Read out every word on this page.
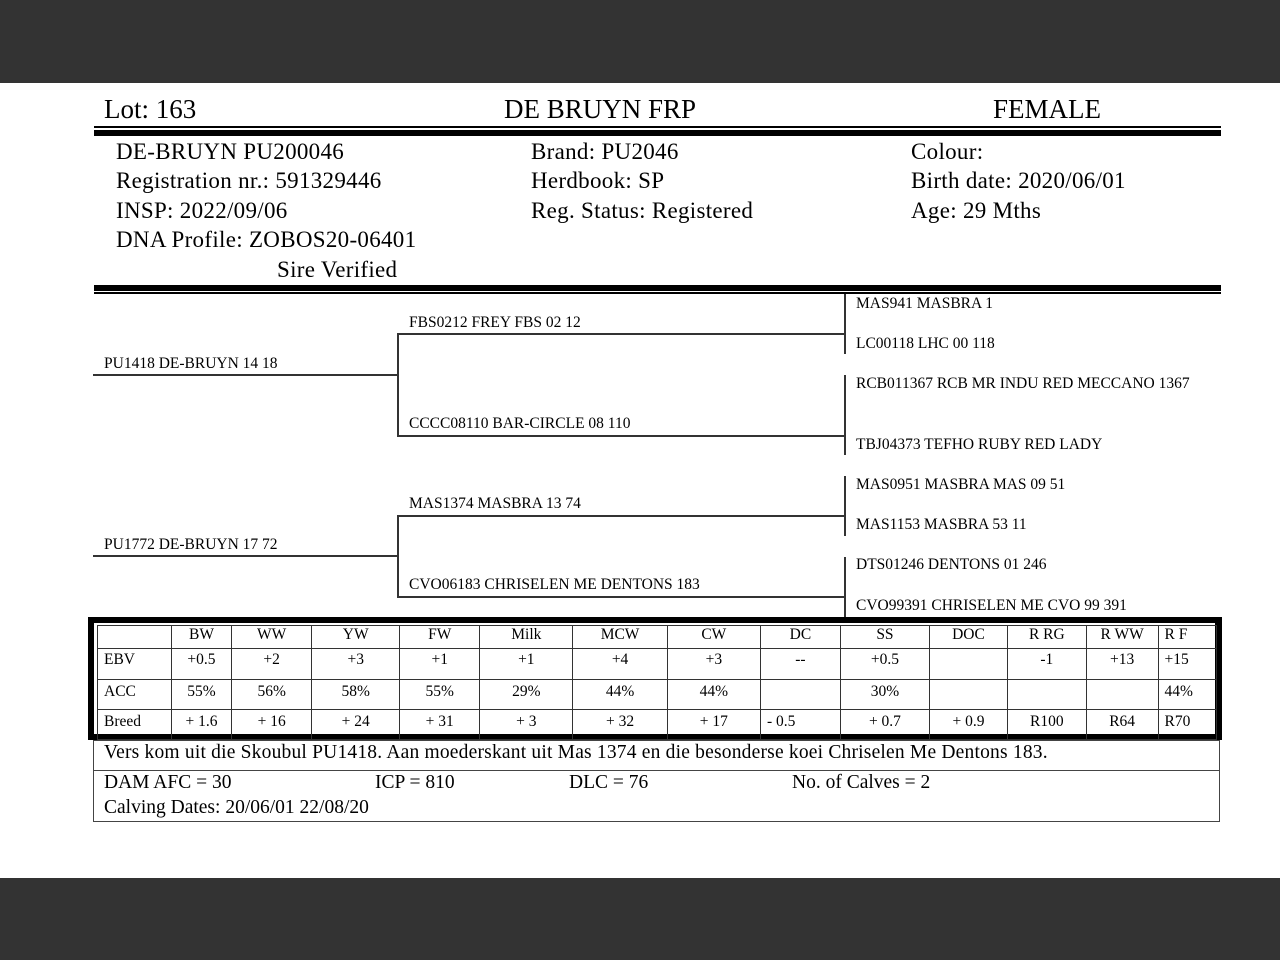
Lot: 163	DE BRUYN FRP	FEMALE
DE-BRUYN PU200046
Registration nr.: 591329446
INSP: 2022/09/06
DNA Profile: ZOBOS20-06401
Sire Verified
Brand: PU2046
Herdbook: SP
Reg. Status: Registered
Colour:
Birth date: 2020/06/01
Age: 29 Mths
PU1418 DE-BRUYN 14 18
PU1772 DE-BRUYN 17 72
FBS0212 FREY FBS 02 12
CCCC08110 BAR-CIRCLE 08 110
MAS1374 MASBRA 13 74
CVO06183 CHRISELEN ME DENTONS 183
MAS941 MASBRA 1
LC00118 LHC 00 118
RCB011367 RCB MR INDU RED MECCANO 1367
TBJ04373 TEFHO RUBY RED LADY
MAS0951 MASBRA MAS 09 51
MAS1153 MASBRA 53 11
DTS01246 DENTONS 01 246
CVO99391 CHRISELEN ME CVO 99 391
	BW	WW	YW	FW	Milk	MCW	CW	DC	SS	DOC	R RG	R WW	R F
EBV	+0.5	+2	+3	+1	+1	+4	+3	--	+0.5		-1	+13	+15
ACC	55%	56%	58%	55%	29%	44%	44%		30%				44%
Breed	+ 1.6	+ 16	+ 24	+ 31	+ 3	+ 32	+ 17	- 0.5	+ 0.7	+ 0.9	R100	R64	R70
Vers kom uit die Skoubul PU1418. Aan moederskant uit Mas 1374 en die besonderse koei Chriselen Me Dentons 183.
DAM AFC = 30	ICP = 810	DLC = 76	No. of Calves = 2
Calving Dates: 20/06/01 22/08/20
